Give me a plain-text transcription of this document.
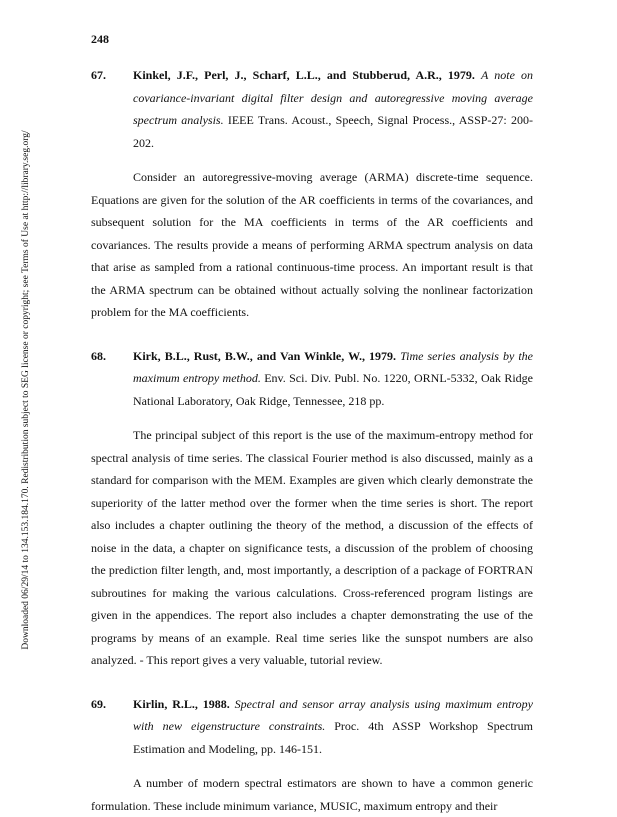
248
Downloaded 06/29/14 to 134.153.184.170. Redistribution subject to SEG license or copyright; see Terms of Use at http://library.seg.org/

67. Kinkel, J.F., Perl, J., Scharf, L.L., and Stubberud, A.R., 1979. A note on covariance-invariant digital filter design and autoregressive moving average spectrum analysis. IEEE Trans. Acoust., Speech, Signal Process., ASSP-27: 200-202.

Consider an autoregressive-moving average (ARMA) discrete-time sequence. Equations are given for the solution of the AR coefficients in terms of the covariances, and subsequent solution for the MA coefficients in terms of the AR coefficients and covariances. The results provide a means of performing ARMA spectrum analysis on data that arise as sampled from a rational continuous-time process. An important result is that the ARMA spectrum can be obtained without actually solving the nonlinear factorization problem for the MA coefficients.

68. Kirk, B.L., Rust, B.W., and Van Winkle, W., 1979. Time series analysis by the maximum entropy method. Env. Sci. Div. Publ. No. 1220, ORNL-5332, Oak Ridge National Laboratory, Oak Ridge, Tennessee, 218 pp.

The principal subject of this report is the use of the maximum-entropy method for spectral analysis of time series. The classical Fourier method is also discussed, mainly as a standard for comparison with the MEM. Examples are given which clearly demonstrate the superiority of the latter method over the former when the time series is short. The report also includes a chapter outlining the theory of the method, a discussion of the effects of noise in the data, a chapter on significance tests, a discussion of the problem of choosing the prediction filter length, and, most importantly, a description of a package of FORTRAN subroutines for making the various calculations. Cross-referenced program listings are given in the appendices. The report also includes a chapter demonstrating the use of the programs by means of an example. Real time series like the sunspot numbers are also analyzed. - This report gives a very valuable, tutorial review.

69. Kirlin, R.L., 1988. Spectral and sensor array analysis using maximum entropy with new eigenstructure constraints. Proc. 4th ASSP Workshop Spectrum Estimation and Modeling, pp. 146-151.

A number of modern spectral estimators are shown to have a common generic formulation. These include minimum variance, MUSIC, maximum entropy and their
